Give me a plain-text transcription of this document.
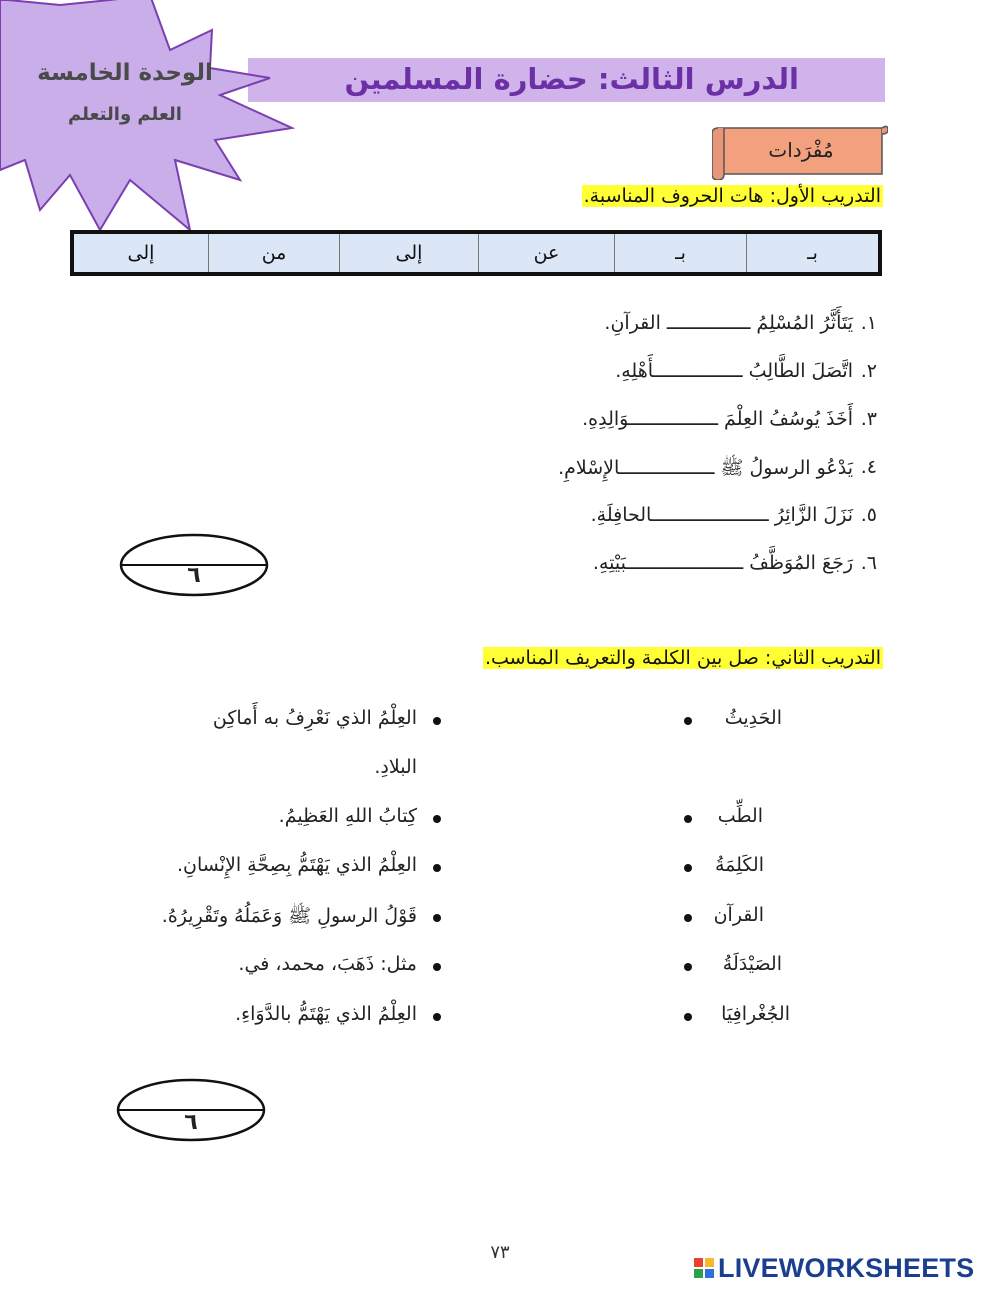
الدرس الثالث: حضارة المسلمين
الوحدة الخامسة
العلم والتعلم
مُفْرَدات
التدريب الأول: هات الحروف المناسبة.
بـ
بـ
عن
إلى
من
إلى
١.
يَتَأَثَّرُ المُسْلِمُ ـــــــــــــــ القرآنِ.
٢.
اتَّصَلَ الطَّالِبُ ــــــــــــــــأَهْلِهِ.
٣.
أَخَذَ يُوسُفُ العِلْمَ ــــــــــــــــوَالِدِهِ.
٤.
يَدْعُو الرسولُ ﷺ ـــــــــــــــــالإِسْلامِ.
٥.
نَزَلَ الزَّائِرُ ـــــــــــــــــــــالحافِلَةِ.
٦.
رَجَعَ المُوَظَّفُ ـــــــــــــــــــــبَيْتِهِ.
٦
التدريب الثاني: صل بين الكلمة والتعريف المناسب.
الحَدِيثُ
الطِّب
الكَلِمَةُ
القرآن
الصَيْدَلَةُ
الجُغْرافِيَا
العِلْمُ الذي نَعْرِفُ به أَماكِن
البلادِ.
كِتابُ اللهِ العَظِيمُ.
العِلْمُ الذي يَهْتَمُّ بِصِحَّةِ الإِنْسانِ.
قَوْلُ الرسولِ ﷺ وَعَمَلُهُ وتَقْرِيرُهُ.
مثل: ذَهَبَ، محمد، في.
العِلْمُ الذي يَهْتَمُّ بالدَّوَاءِ.
٦
٧٣	LIVEWORKSHEETS
